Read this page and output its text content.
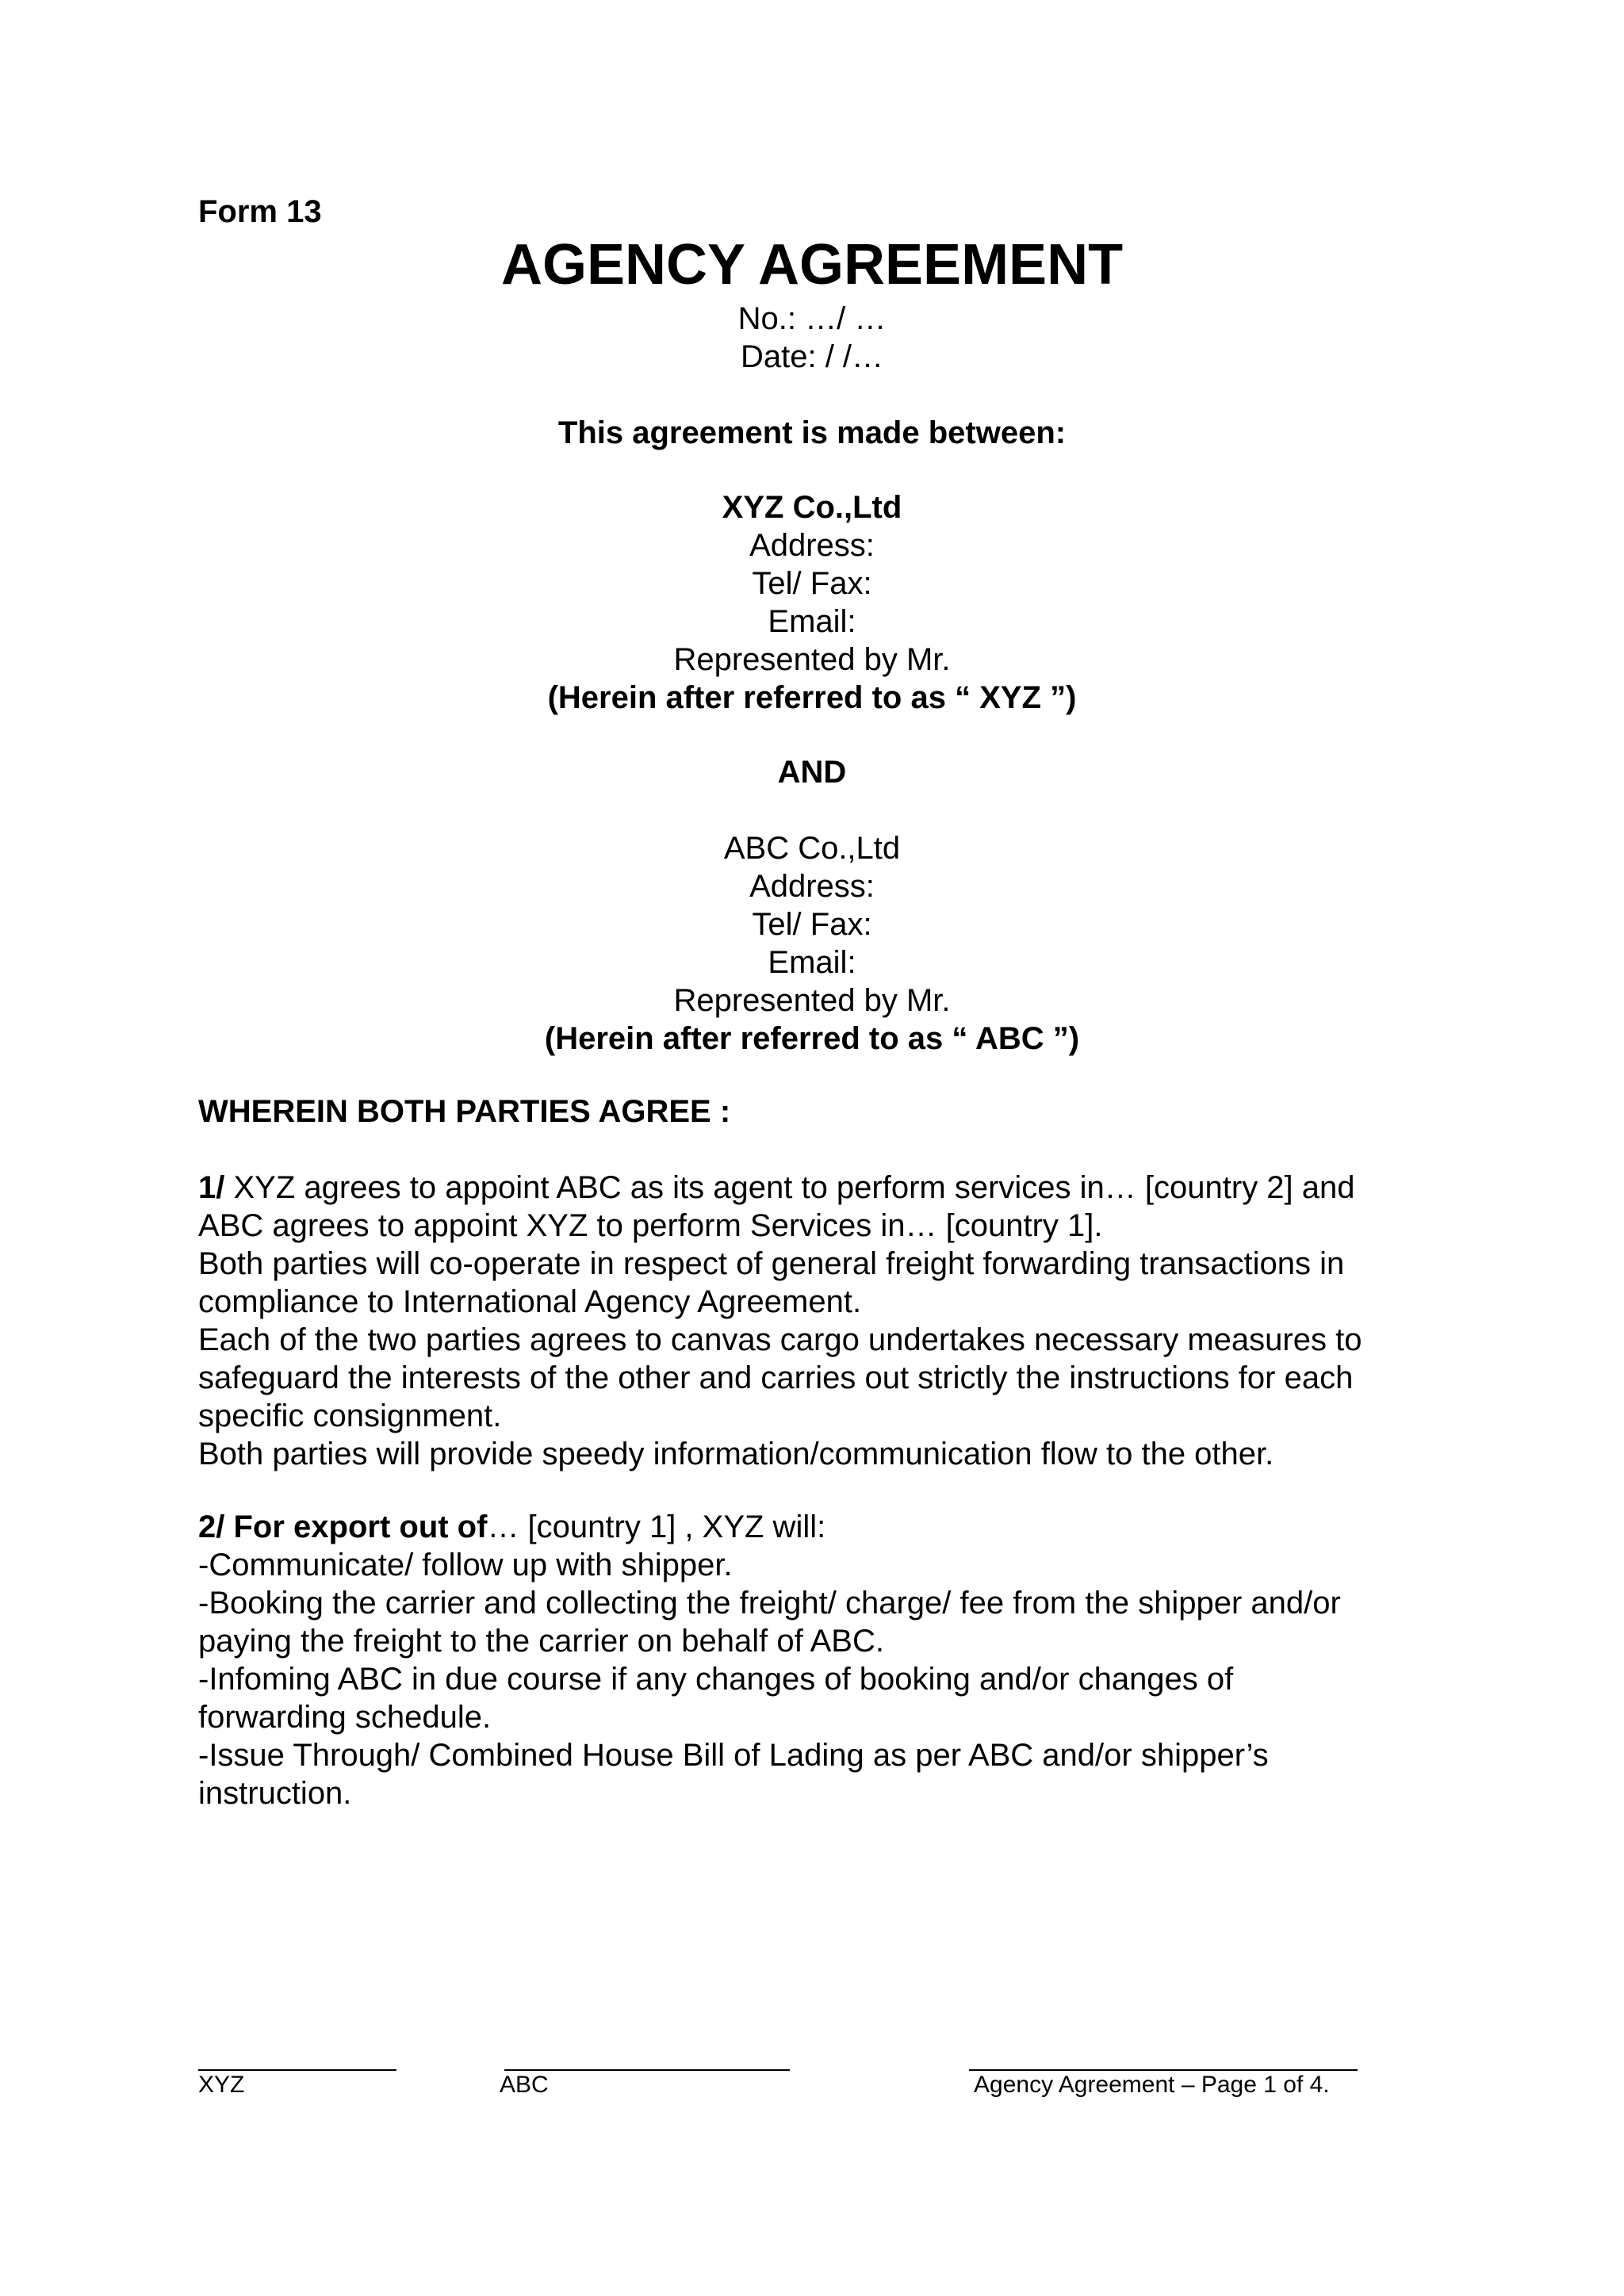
Form 13
AGENCY AGREEMENT
No.: …/ …
Date: / /…
This agreement is made between:
XYZ Co.,Ltd
Address:
Tel/ Fax:
Email:
Represented by Mr.
(Herein after referred to as “ XYZ ”)
AND
ABC Co.,Ltd
Address:
Tel/ Fax:
Email:
Represented by Mr.
(Herein after referred to as “ ABC ”)
WHEREIN BOTH PARTIES AGREE :
1/ XYZ agrees to appoint ABC as its agent to perform services in… [country 2] and
ABC agrees to appoint XYZ to perform Services in… [country 1].
Both parties will co-operate in respect of general freight forwarding transactions in
compliance to International Agency Agreement.
Each of the two parties agrees to canvas cargo undertakes necessary measures to
safeguard the interests of the other and carries out strictly the instructions for each
specific consignment.
Both parties will provide speedy information/communication flow to the other.
2/ For export out of… [country 1] , XYZ will:
-Communicate/ follow up with shipper.
-Booking the carrier and collecting the freight/ charge/ fee from the shipper and/or
paying the freight to the carrier on behalf of ABC.
-Infoming ABC in due course if any changes of booking and/or changes of
forwarding schedule.
-Issue Through/ Combined House Bill of Lading as per ABC and/or shipper’s
instruction.
XYZ	ABC	Agency Agreement – Page 1 of 4.
